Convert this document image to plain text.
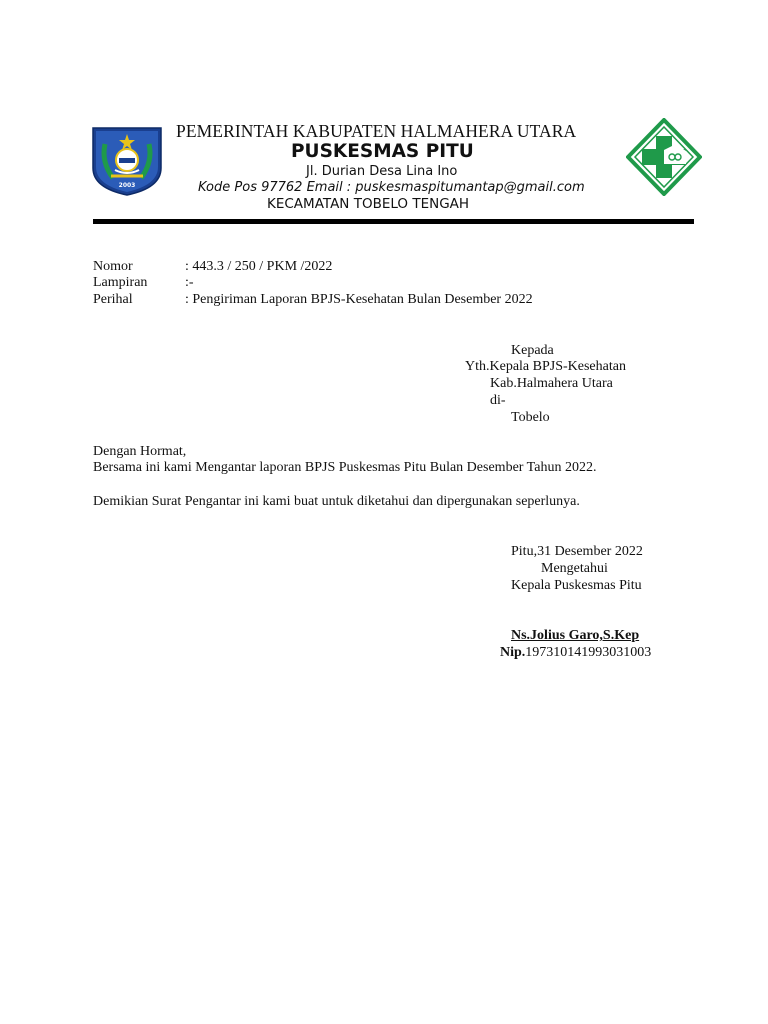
2003
PEMERINTAH KABUPATEN HALMAHERA UTARA
PUSKESMAS PITU
Jl. Durian Desa Lina Ino
Kode Pos 97762 Email : puskesmaspitumantap@gmail.com
KECAMATAN TOBELO TENGAH
Nomor	: 443.3 / 250 / PKM /2022
Lampiran	:-
Perihal	: Pengiriman Laporan BPJS-Kesehatan Bulan Desember 2022
Kepada
Yth.Kepala BPJS-Kesehatan
Kab.Halmahera Utara
di-
Tobelo
Dengan Hormat,
Bersama ini kami Mengantar laporan BPJS Puskesmas Pitu Bulan Desember Tahun 2022.
Demikian Surat Pengantar ini kami buat untuk diketahui dan dipergunakan seperlunya.
Pitu,31 Desember 2022
Mengetahui
Kepala Puskesmas Pitu
Ns.Jolius Garo,S.Kep
Nip.197310141993031003
